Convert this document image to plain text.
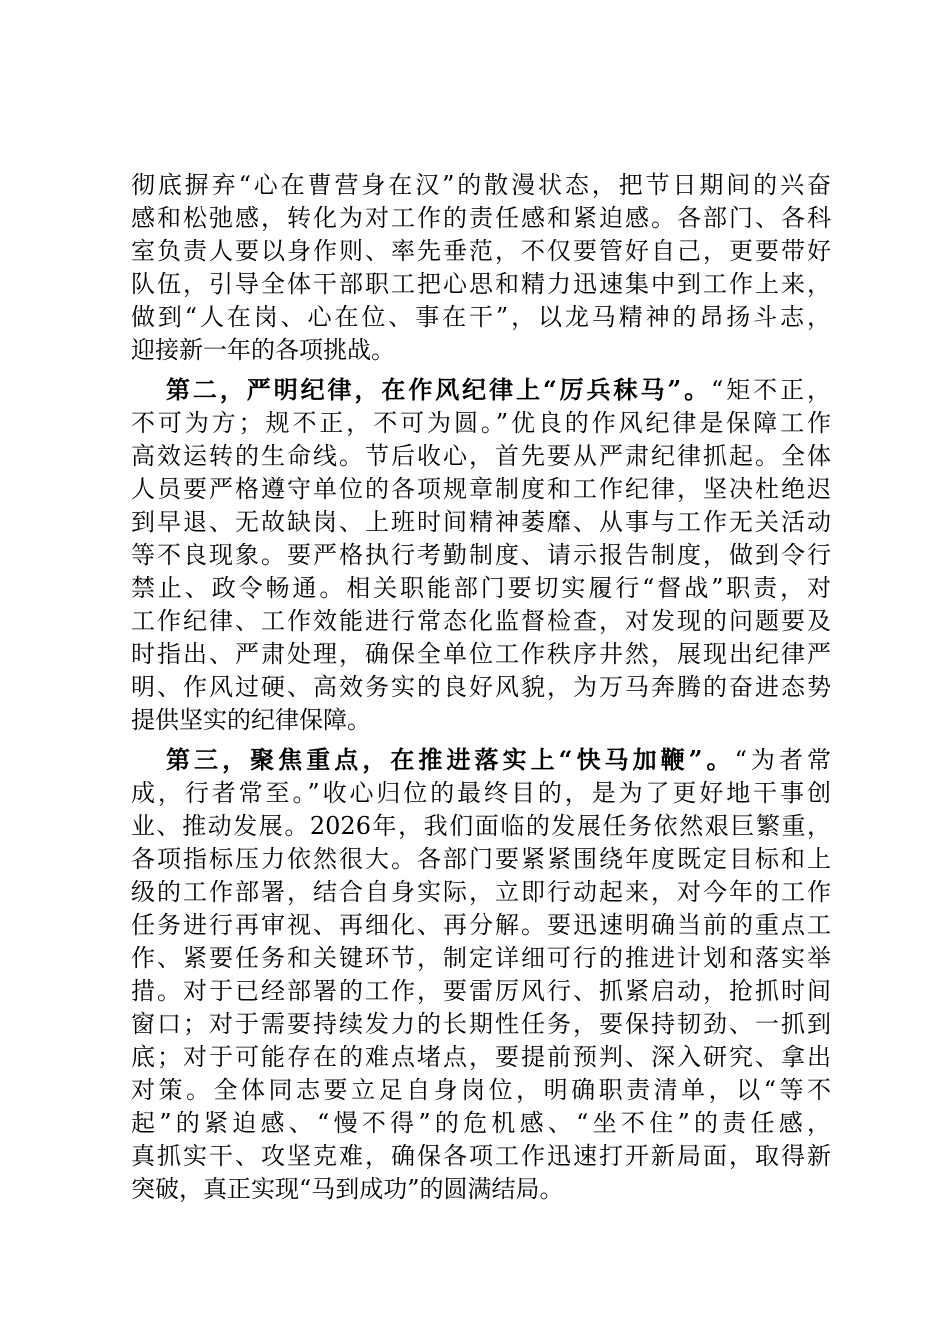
彻底摒弃“心在曹营身在汉”的散漫状态，把节日期间的兴奋
感和松弛感，转化为对工作的责任感和紧迫感。各部门、各科
室负责人要以身作则、率先垂范，不仅要管好自己，更要带好
队伍，引导全体干部职工把心思和精力迅速集中到工作上来，
做到“人在岗、心在位、事在干”，以龙马精神的昂扬斗志，
迎接新一年的各项挑战。
第二，严明纪律，在作风纪律上“厉兵秣马”。“矩不正，
不可为方；规不正，不可为圆。”优良的作风纪律是保障工作
高效运转的生命线。节后收心，首先要从严肃纪律抓起。全体
人员要严格遵守单位的各项规章制度和工作纪律，坚决杜绝迟
到早退、无故缺岗、上班时间精神萎靡、从事与工作无关活动
等不良现象。要严格执行考勤制度、请示报告制度，做到令行
禁止、政令畅通。相关职能部门要切实履行“督战”职责，对
工作纪律、工作效能进行常态化监督检查，对发现的问题要及
时指出、严肃处理，确保全单位工作秩序井然，展现出纪律严
明、作风过硬、高效务实的良好风貌，为万马奔腾的奋进态势
提供坚实的纪律保障。
第三，聚焦重点，在推进落实上“快马加鞭”。“为者常
成，行者常至。”收心归位的最终目的，是为了更好地干事创
业、推动发展。2026年，我们面临的发展任务依然艰巨繁重，
各项指标压力依然很大。各部门要紧紧围绕年度既定目标和上
级的工作部署，结合自身实际，立即行动起来，对今年的工作
任务进行再审视、再细化、再分解。要迅速明确当前的重点工
作、紧要任务和关键环节，制定详细可行的推进计划和落实举
措。对于已经部署的工作，要雷厉风行、抓紧启动，抢抓时间
窗口；对于需要持续发力的长期性任务，要保持韧劲、一抓到
底；对于可能存在的难点堵点，要提前预判、深入研究、拿出
对策。全体同志要立足自身岗位，明确职责清单，以“等不
起”的紧迫感、“慢不得”的危机感、“坐不住”的责任感，
真抓实干、攻坚克难，确保各项工作迅速打开新局面，取得新
突破，真正实现“马到成功”的圆满结局。
